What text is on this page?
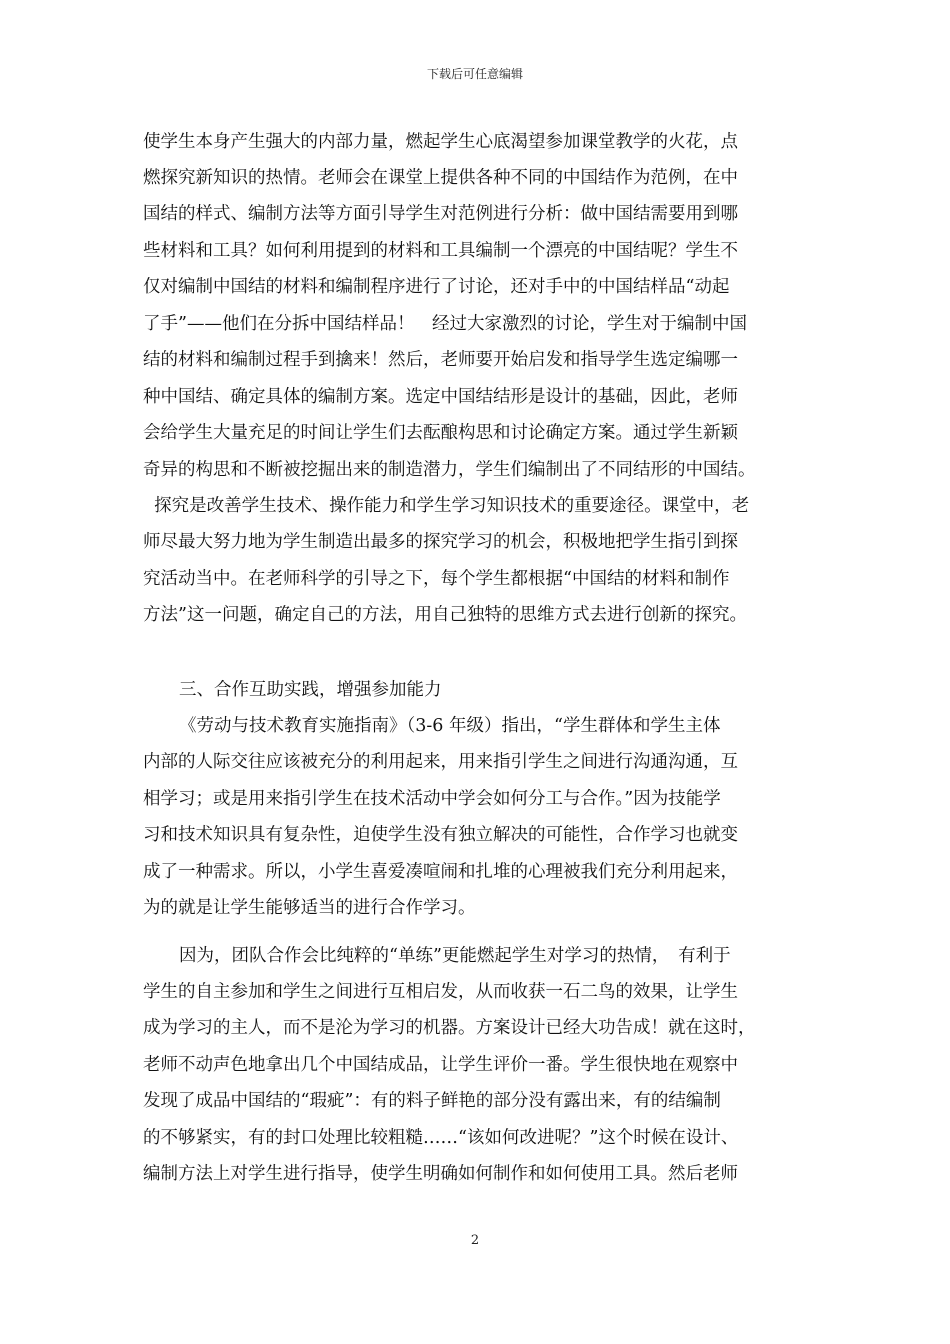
下载后可任意编辑
使学生本身产生强大的内部力量，燃起学生心底渴望参加课堂教学的火花，点
燃探究新知识的热情。老师会在课堂上提供各种不同的中国结作为范例，在中
国结的样式、编制方法等方面引导学生对范例进行分析：做中国结需要用到哪
些材料和工具？如何利用提到的材料和工具编制一个漂亮的中国结呢？学生不
仅对编制中国结的材料和编制程序进行了讨论，还对手中的中国结样品“动起
了手”——他们在分拆中国结样品！　经过大家激烈的讨论，学生对于编制中国
结的材料和编制过程手到擒来！然后，老师要开始启发和指导学生选定编哪一
种中国结、确定具体的编制方案。选定中国结结形是设计的基础，因此，老师
会给学生大量充足的时间让学生们去酝酿构思和讨论确定方案。通过学生新颖
奇异的构思和不断被挖掘出来的制造潜力，学生们编制出了不同结形的中国结。
探究是改善学生技术、操作能力和学生学习知识技术的重要途径。课堂中，老
师尽最大努力地为学生制造出最多的探究学习的机会，积极地把学生指引到探
究活动当中。在老师科学的引导之下，每个学生都根据“中国结的材料和制作
方法”这一问题，确定自己的方法，用自己独特的思维方式去进行创新的探究。
三、合作互助实践，增强参加能力
《劳动与技术教育实施指南》（3-6 年级）指出，“学生群体和学生主体
内部的人际交往应该被充分的利用起来，用来指引学生之间进行沟通沟通，互
相学习；或是用来指引学生在技术活动中学会如何分工与合作。”因为技能学
习和技术知识具有复杂性，迫使学生没有独立解决的可能性，合作学习也就变
成了一种需求。所以，小学生喜爱凑喧闹和扎堆的心理被我们充分利用起来，
为的就是让学生能够适当的进行合作学习。
因为，团队合作会比纯粹的“单练”更能燃起学生对学习的热情，　有利于
学生的自主参加和学生之间进行互相启发，从而收获一石二鸟的效果，让学生
成为学习的主人，而不是沦为学习的机器。方案设计已经大功告成！就在这时，
老师不动声色地拿出几个中国结成品，让学生评价一番。学生很快地在观察中
发现了成品中国结的“瑕疵”：有的料子鲜艳的部分没有露出来，有的结编制
的不够紧实，有的封口处理比较粗糙……“该如何改进呢？”这个时候在设计、
编制方法上对学生进行指导，使学生明确如何制作和如何使用工具。然后老师
2
